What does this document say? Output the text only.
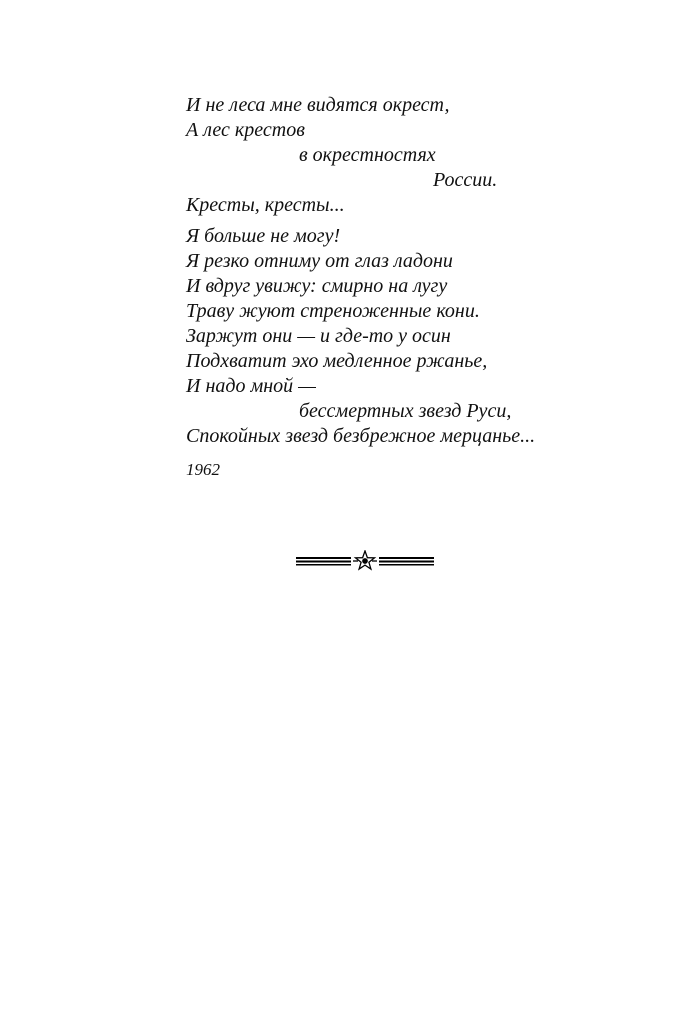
И не леса мне видятся окрест,
А лес крестов
в окрестностях
России.
Кресты, кресты...
Я больше не могу!
Я резко отниму от глаз ладони
И вдруг увижу: смирно на лугу
Траву жуют стреноженные кони.
Заржут они — и где-то у осин
Подхватит эхо медленное ржанье,
И надо мной —
бессмертных звезд Руси,
Спокойных звезд безбрежное мерцанье...
1962
